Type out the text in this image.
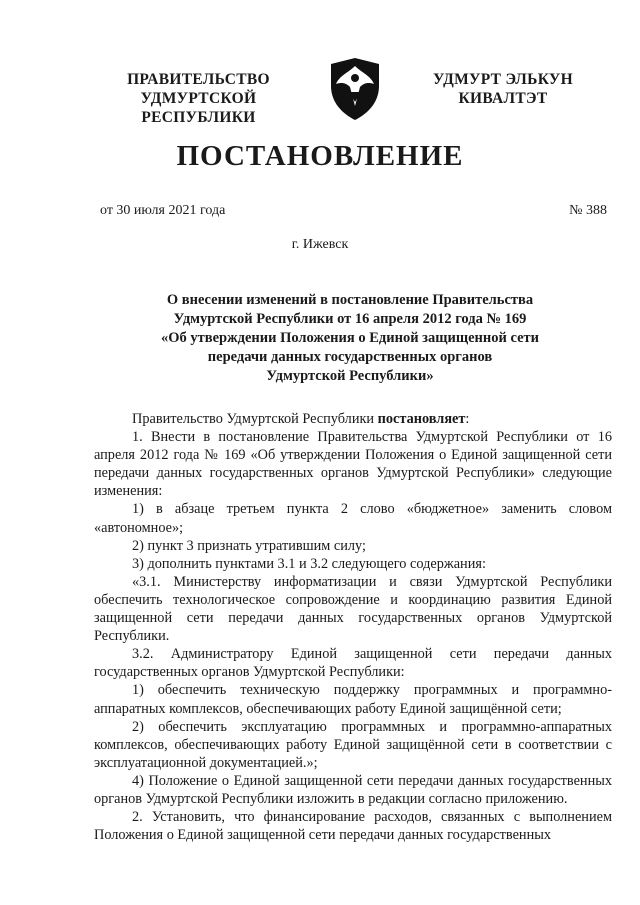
ПРАВИТЕЛЬСТВО
УДМУРТСКОЙ РЕСПУБЛИКИ
УДМУРТ ЭЛЬКУН
КИВАЛТЭТ
ПОСТАНОВЛЕНИЕ
от 30 июля 2021 года	№ 388
г. Ижевск
О внесении изменений в постановление Правительства
Удмуртской Республики от 16 апреля 2012 года № 169
«Об утверждении Положения о Единой защищенной сети
передачи данных государственных органов
Удмуртской Республики»

Правительство Удмуртской Республики постановляет:

1. Внести в постановление Правительства Удмуртской Республики от 16 апреля 2012 года № 169 «Об утверждении Положения о Единой защищенной сети передачи данных государственных органов Удмуртской Республики» следующие изменения:

1) в абзаце третьем пункта 2 слово «бюджетное» заменить словом «автономное»;

2) пункт 3 признать утратившим силу;

3) дополнить пунктами 3.1 и 3.2 следующего содержания:

«3.1. Министерству информатизации и связи Удмуртской Республики обеспечить технологическое сопровождение и координацию развития Единой защищенной сети передачи данных государственных органов Удмуртской Республики.

3.2. Администратору Единой защищенной сети передачи данных государственных органов Удмуртской Республики:

1) обеспечить техническую поддержку программных и программно-аппаратных комплексов, обеспечивающих работу Единой защищённой сети;

2) обеспечить эксплуатацию программных и программно-аппаратных комплексов, обеспечивающих работу Единой защищённой сети в соответствии с эксплуатационной документацией.»;

4) Положение о Единой защищенной сети передачи данных государственных органов Удмуртской Республики изложить в редакции согласно приложению.

2. Установить, что финансирование расходов, связанных с выполнением Положения о Единой защищенной сети передачи данных государственных
